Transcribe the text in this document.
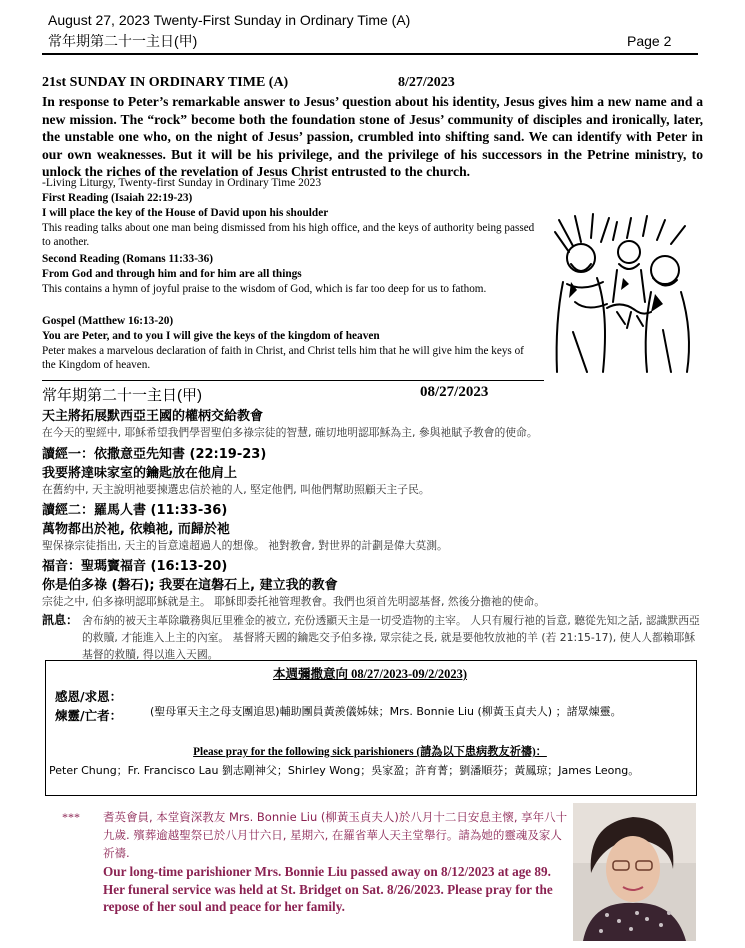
August 27, 2023 Twenty-First Sunday in Ordinary Time (A)
常年期第二十一主日(甲)	Page 2
21st SUNDAY IN ORDINARY TIME (A)	8/27/2023
In response to Peter’s remarkable answer to Jesus’ question about his identity, Jesus gives him a new name and a new mission. The “rock” become both the foundation stone of Jesus’ community of disciples and ironically, later, the unstable one who, on the night of Jesus’ passion, crumbled into shifting sand. We can identify with Peter in our own weaknesses. But it will be his privilege, and the privilege of his successors in the Petrine ministry, to unlock the riches of the revelation of Jesus Christ entrusted to the church.
-Living Liturgy, Twenty-first Sunday in Ordinary Time 2023
First Reading (Isaiah 22:19-23)
I will place the key of the House of David upon his shoulder
This reading talks about one man being dismissed from his high office, and the keys of authority being passed to another.
Second Reading (Romans 11:33-36)
From God and through him and for him are all things
This contains a hymn of joyful praise to the wisdom of God, which is far too deep for us to fathom.
Gospel (Matthew 16:13-20)
You are Peter, and to you I will give the keys of the kingdom of heaven
Peter makes a marvelous declaration of faith in Christ, and Christ tells him that he will give him the keys of the Kingdom of heaven.
常年期第二十一主日(甲)	08/27/2023
天主將拓展默西亞王國的權柄交給教會
在今天的聖經中, 耶穌希望我們學習聖伯多祿宗徒的智慧, 確切地明認耶穌為主, 參與祂賦予教會的使命。
讀經一：依撒意亞先知書 (22:19-23)
我要將達味家室的鑰匙放在他肩上
在舊約中, 天主說明祂要揀選忠信於祂的人, 堅定他們, 叫他們幫助照顧天主子民。
讀經二：羅馬人書 (11:33-36)
萬物都出於祂, 依賴祂, 而歸於祂
聖保祿宗徒指出, 天主的旨意遠超過人的想像。 祂對教會, 對世界的計劃是偉大莫測。
福音：聖瑪竇福音 (16:13-20)
你是伯多祿 (磐石); 我要在這磐石上, 建立我的教會
宗徒之中, 伯多祿明認耶穌就是主。 耶穌即委托祂管理教會。我們也須首先明認基督, 然後分擔祂的使命。
訊息： 舍布納的被天主革除職務與厄里雅金的被立, 充份透顯天主是一切受造物的主宰。 人只有履行祂的旨意, 聽從先知之話, 認識默西亞的救贖, 才能進入上主的內室。 基督將天國的鑰匙交予伯多祿, 眾宗徒之長, 就是要他牧放祂的羊 (若 21:15-17), 使人人都賴耶穌基督的救贖, 得以進入天國。
本週彌撒意向 08/27/2023-09/2/2023)
感恩/求恩：
煉靈/亡者：	(聖母軍天主之母支團追思)輔助團員黃羨儀姊妹；Mrs. Bonnie Liu (柳黃玉貞夫人) ；諸眾煉靈。
Please pray for the following sick parishioners (請為以下患病教友祈禱)：
Peter Chung；Fr. Francisco Lau 劉志剛神父；Shirley Wong；吳家盈；許育菁；劉潘順芬；黃鳳琼；James Leong。
*** 耆英會員, 本堂資深教友 Mrs. Bonnie Liu (柳黃玉貞夫人)於八月十二日安息主懷, 享年八十九歲. 殯葬逾越聖祭已於八月廿六日, 星期六, 在羅省華人天主堂舉行。請為她的靈魂及家人祈禱.
Our long-time parishioner Mrs. Bonnie Liu passed away on 8/12/2023 at age 89. Her funeral service was held at St. Bridget on Sat. 8/26/2023. Please pray for the repose of her soul and peace for her family.
